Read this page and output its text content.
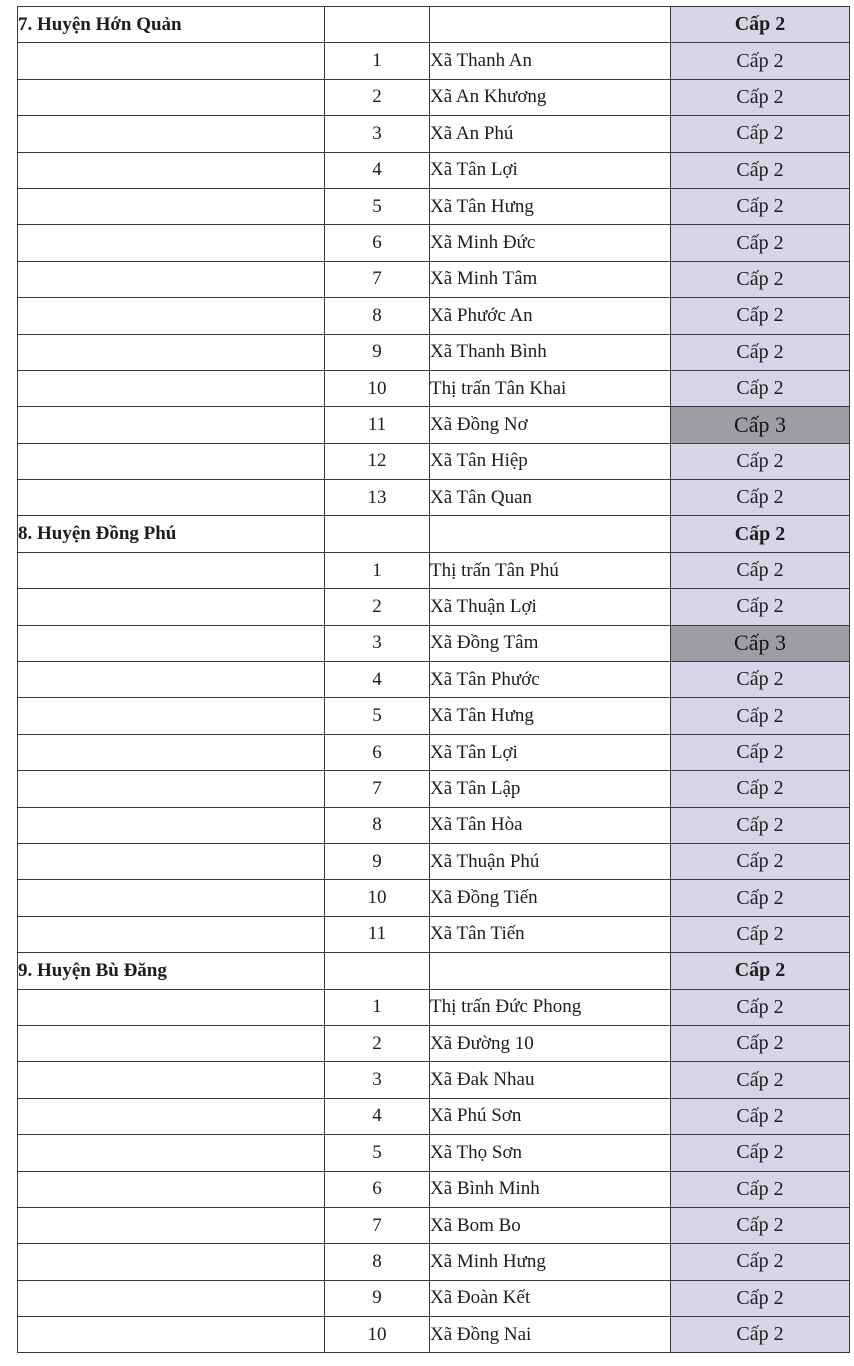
7. Huyện Hớn Quản			Cấp 2
	1	Xã Thanh An	Cấp 2
	2	Xã An Khương	Cấp 2
	3	Xã An Phú	Cấp 2
	4	Xã Tân Lợi	Cấp 2
	5	Xã Tân Hưng	Cấp 2
	6	Xã Minh Đức	Cấp 2
	7	Xã Minh Tâm	Cấp 2
	8	Xã Phước An	Cấp 2
	9	Xã Thanh Bình	Cấp 2
	10	Thị trấn Tân Khai	Cấp 2
	11	Xã Đồng Nơ	Cấp 3
	12	Xã Tân Hiệp	Cấp 2
	13	Xã Tân Quan	Cấp 2
8. Huyện Đồng Phú			Cấp 2
	1	Thị trấn Tân Phú	Cấp 2
	2	Xã Thuận Lợi	Cấp 2
	3	Xã Đồng Tâm	Cấp 3
	4	Xã Tân Phước	Cấp 2
	5	Xã Tân Hưng	Cấp 2
	6	Xã Tân Lợi	Cấp 2
	7	Xã Tân Lập	Cấp 2
	8	Xã Tân Hòa	Cấp 2
	9	Xã Thuận Phú	Cấp 2
	10	Xã Đồng Tiến	Cấp 2
	11	Xã Tân Tiến	Cấp 2
9. Huyện Bù Đăng			Cấp 2
	1	Thị trấn Đức Phong	Cấp 2
	2	Xã Đường 10	Cấp 2
	3	Xã Đak Nhau	Cấp 2
	4	Xã Phú Sơn	Cấp 2
	5	Xã Thọ Sơn	Cấp 2
	6	Xã Bình Minh	Cấp 2
	7	Xã Bom Bo	Cấp 2
	8	Xã Minh Hưng	Cấp 2
	9	Xã Đoàn Kết	Cấp 2
	10	Xã Đồng Nai	Cấp 2
